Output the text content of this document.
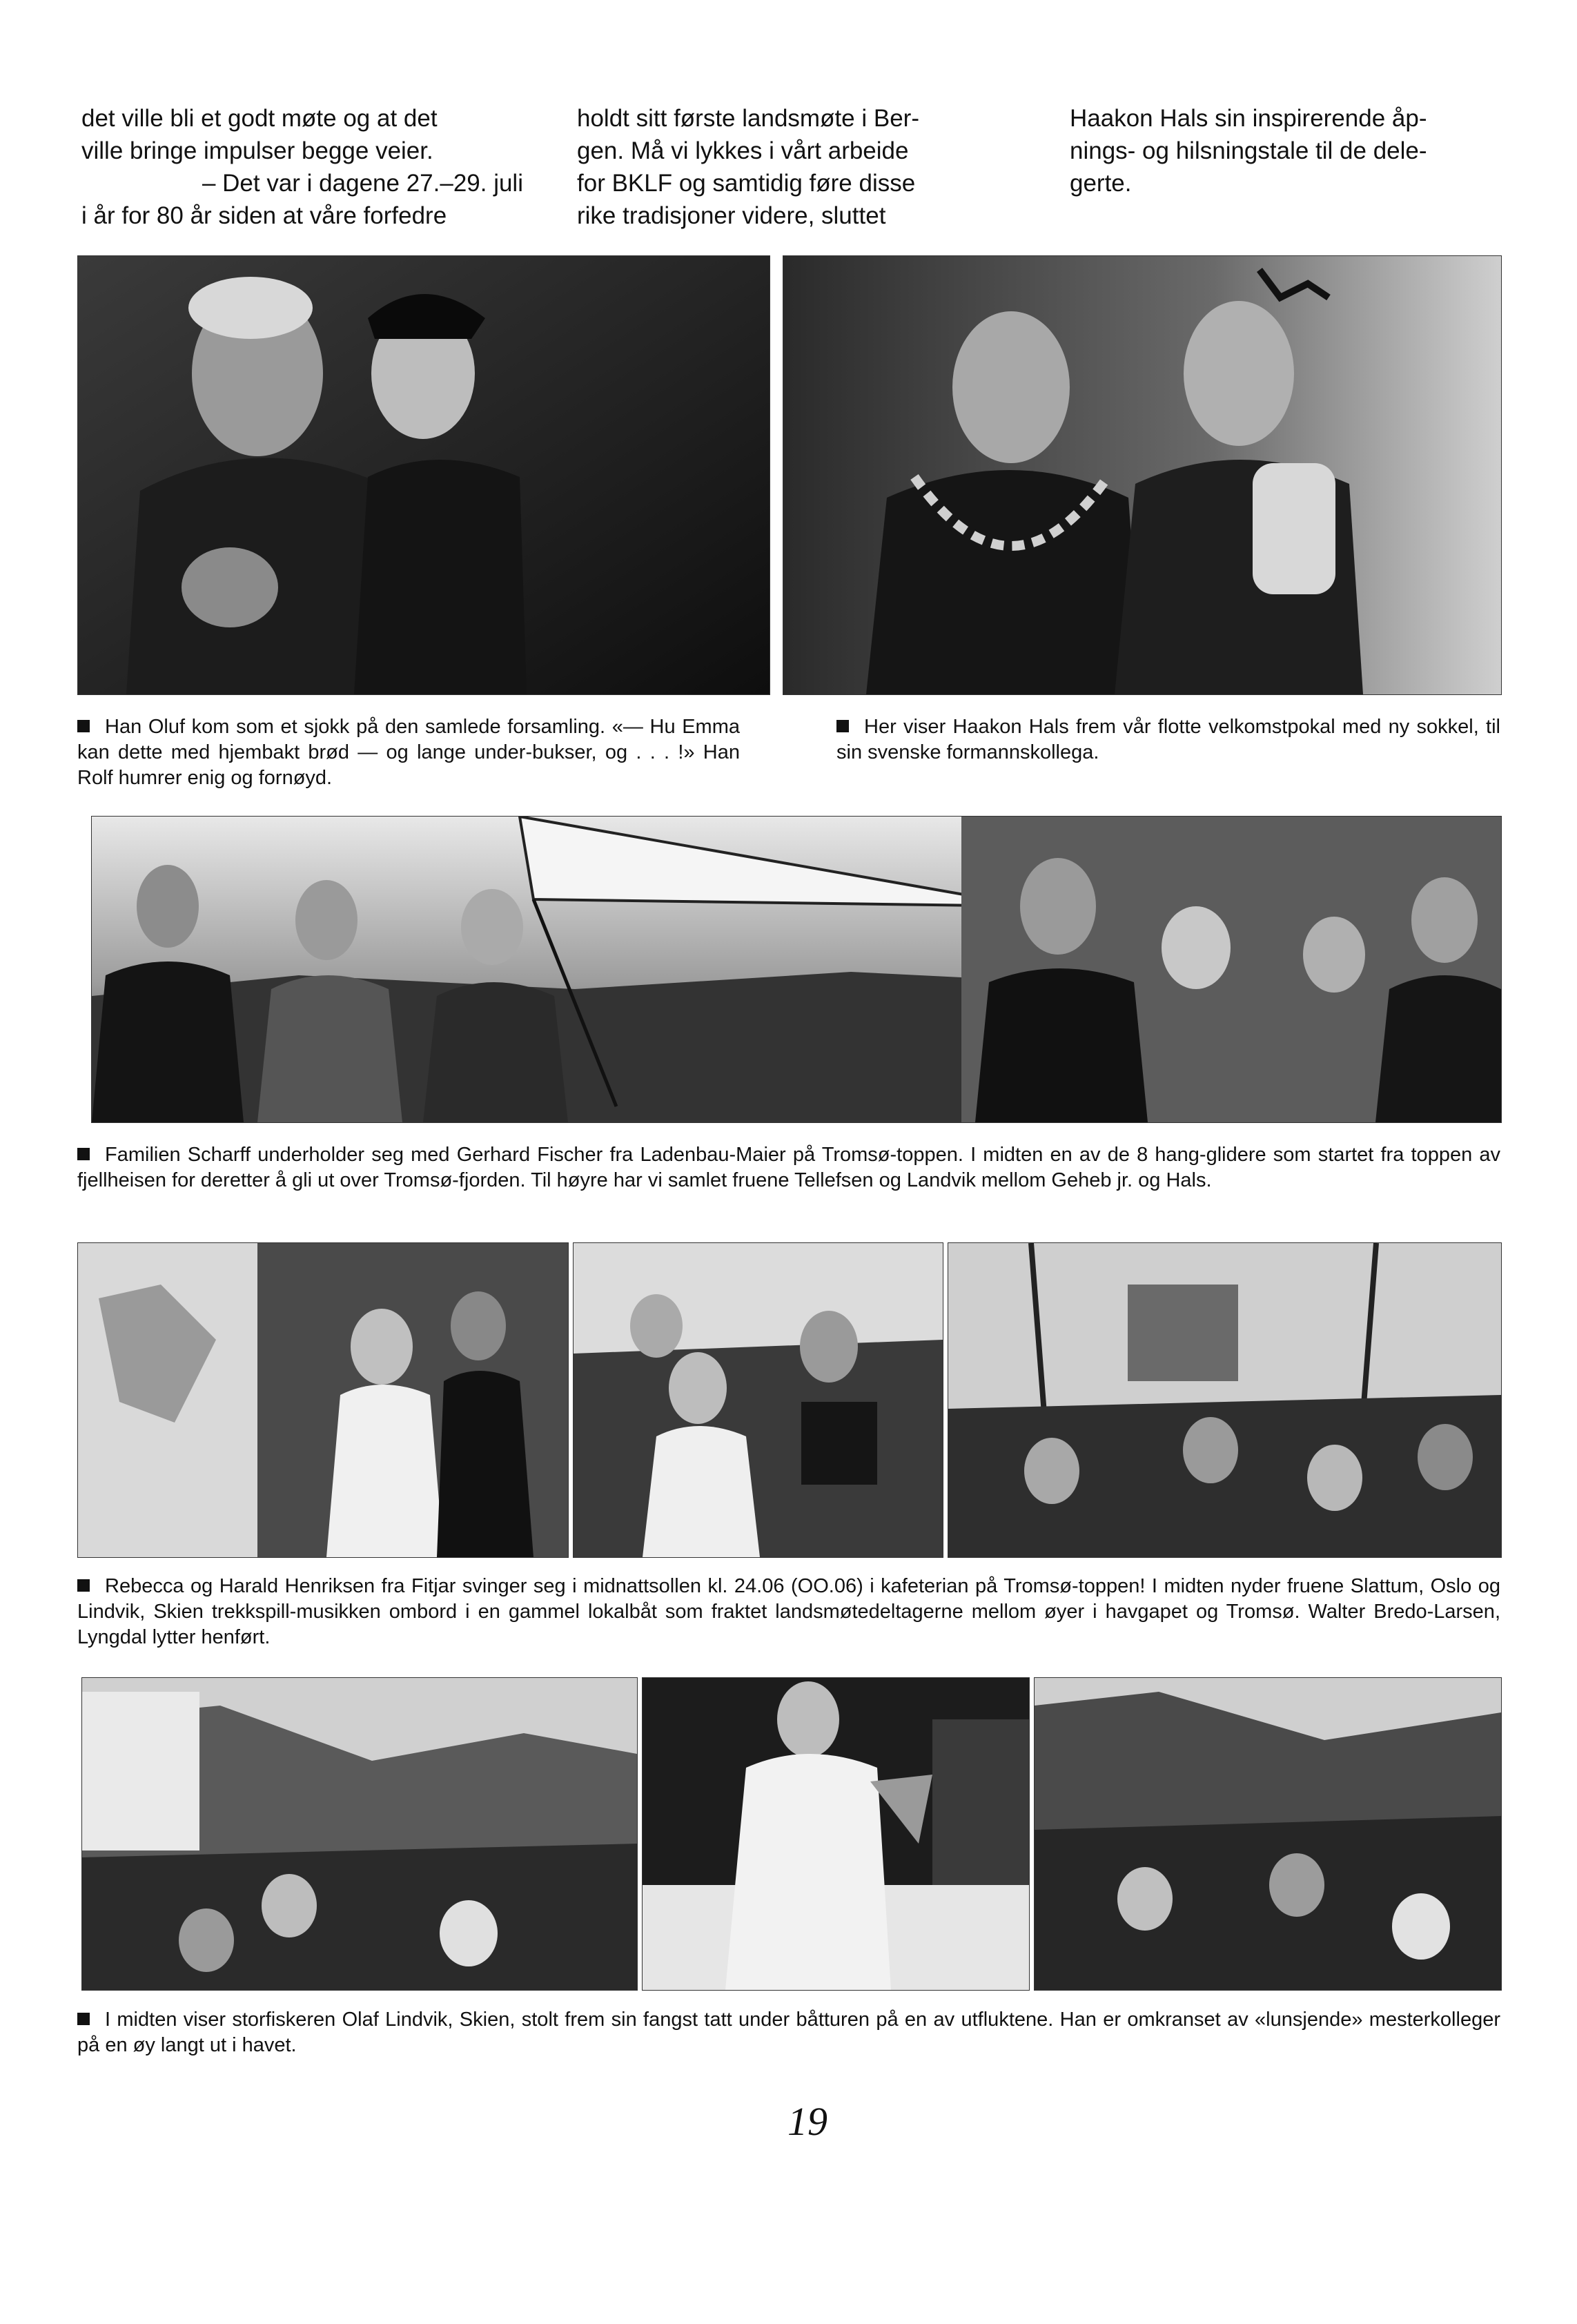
det ville bli et godt møte og at det

ville bringe impulser begge veier.

– Det var i dagene 27.–29. juli

i år for 80 år siden at våre forfedre

holdt sitt første landsmøte i Ber-

gen. Må vi lykkes i vårt arbeide

for BKLF og samtidig føre disse

rike tradisjoner videre, sluttet

Haakon Hals sin inspirerende åp-

nings- og hilsningstale til de dele-

gerte.

Han Oluf kom som et sjokk på den samlede forsamling. «— Hu Emma kan dette med hjembakt brød — og lange under-bukser, og . . . !» Han Rolf humrer enig og fornøyd.
Her viser Haakon Hals frem vår flotte velkomstpokal med ny sokkel, til sin svenske formannskollega.
Familien Scharff underholder seg med Gerhard Fischer fra Ladenbau-Maier på Tromsø-toppen. I midten en av de 8 hang-glidere som startet fra toppen av fjellheisen for deretter å gli ut over Tromsø-fjorden. Til høyre har vi samlet fruene Tellefsen og Landvik mellom Geheb jr. og Hals.
Rebecca og Harald Henriksen fra Fitjar svinger seg i midnattsollen kl. 24.06 (OO.06) i kafeterian på Tromsø-toppen! I midten nyder fruene Slattum, Oslo og Lindvik, Skien trekkspill-musikken ombord i en gammel lokalbåt som fraktet landsmøtedeltagerne mellom øyer i havgapet og Tromsø. Walter Bredo-Larsen, Lyngdal lytter henført.
I midten viser storfiskeren Olaf Lindvik, Skien, stolt frem sin fangst tatt under båtturen på en av utfluktene. Han er omkranset av «lunsjende» mesterkolleger på en øy langt ut i havet.
19
